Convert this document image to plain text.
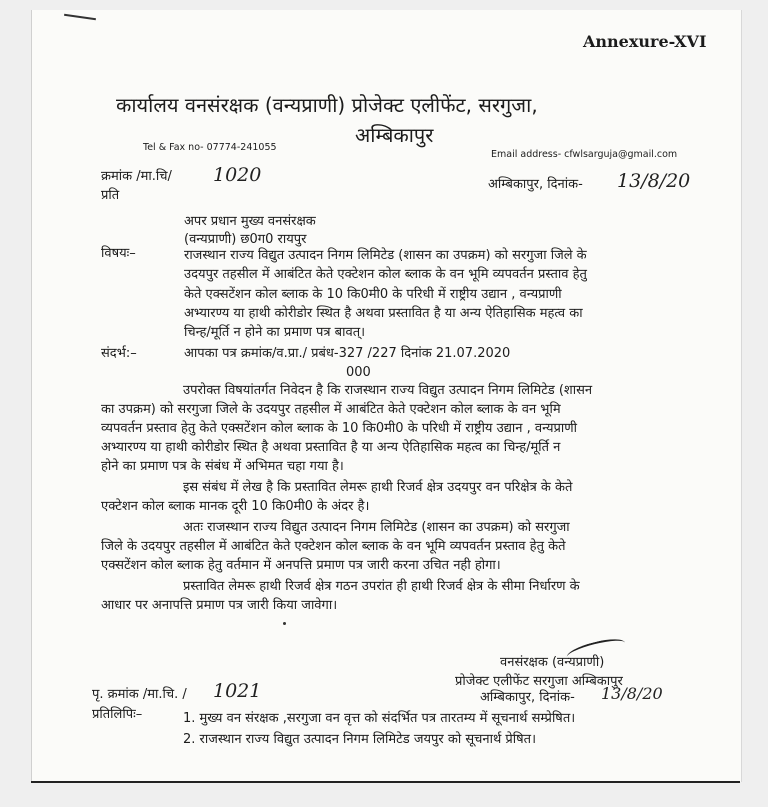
Annexure-XVI
कार्यालय वनसंरक्षक (वन्यप्राणी) प्रोजेक्ट एलीफेंट, सरगुजा,
अम्बिकापुर
Tel & Fax no- 07774-241055
Email address- cfwlsarguja@gmail.com
क्रमांक /मा.चि/ 1020
प्रति
अम्बिकापुर, दिनांक- 13/8/20
अपर प्रधान मुख्य वनसंरक्षक
(वन्यप्राणी) छ0ग0 रायपुर
विषयः–	राजस्थान राज्य विद्युत उत्पादन निगम लिमिटेड (शासन का उपक्रम) को सरगुजा जिले के
उदयपुर तहसील में आबंटित केते एक्टेशन कोल ब्लाक के वन भूमि व्यपवर्तन प्रस्ताव हेतु
केते एक्सटेंशन कोल ब्लाक के 10 कि0मी0 के परिधी में राष्ट्रीय उद्यान , वन्यप्राणी
अभ्यारण्य या हाथी कोरीडोर स्थित है अथवा प्रस्तावित है या अन्य ऐतिहासिक महत्व का
चिन्ह/मूर्ति न होने का प्रमाण पत्र बावत्।
संदर्भ:–	आपका पत्र क्रमांक/व.प्रा./ प्रबंध-327 /227 दिनांक 21.07.2020
000
उपरोक्त विषयांतर्गत निवेदन है कि राजस्थान राज्य विद्युत उत्पादन निगम लिमिटेड (शासन
का उपक्रम) को सरगुजा जिले के उदयपुर तहसील में आबंटित केते एक्टेशन कोल ब्लाक के वन भूमि
व्यपवर्तन प्रस्ताव हेतु केते एक्सटेंशन कोल ब्लाक के 10 कि0मी0 के परिधी में राष्ट्रीय उद्यान , वन्यप्राणी
अभ्यारण्य या हाथी कोरीडोर स्थित है अथवा प्रस्तावित है या अन्य ऐतिहासिक महत्व का चिन्ह/मूर्ति न
होने का प्रमाण पत्र के संबंध में अभिमत चहा गया है।
इस संबंध में लेख है कि प्रस्तावित लेमरू हाथी रिजर्व क्षेत्र उदयपुर वन परिक्षेत्र के केते
एक्टेशन कोल ब्लाक मानक दूरी 10 कि0मी0 के अंदर है।
अतः राजस्थान राज्य विद्युत उत्पादन निगम लिमिटेड (शासन का उपक्रम) को सरगुजा
जिले के उदयपुर तहसील में आबंटित केते एक्टेशन कोल ब्लाक के वन भूमि व्यपवर्तन प्रस्ताव हेतु केते
एक्सटेंशन कोल ब्लाक हेतु वर्तमान में अनपत्ति प्रमाण पत्र जारी करना उचित नही होगा।
प्रस्तावित लेमरू हाथी रिजर्व क्षेत्र गठन उपरांत ही हाथी रिजर्व क्षेत्र के सीमा निर्धारण के
आधार पर अनापत्ति प्रमाण पत्र जारी किया जावेगा।
वनसंरक्षक (वन्यप्राणी)
प्रोजेक्ट एलीफेंट सरगुजा अम्बिकापुर
अम्बिकापुर, दिनांक- 13/8/20
पृ. क्रमांक /मा.चि. / 1021
प्रतिलिपिः–	1. मुख्य वन संरक्षक ,सरगुजा वन वृत्त को संदर्भित पत्र तारतम्य में सूचनार्थ सम्प्रेषित।
2. राजस्थान राज्य विद्युत उत्पादन निगम लिमिटेड जयपुर को सूचनार्थ प्रेषित।
